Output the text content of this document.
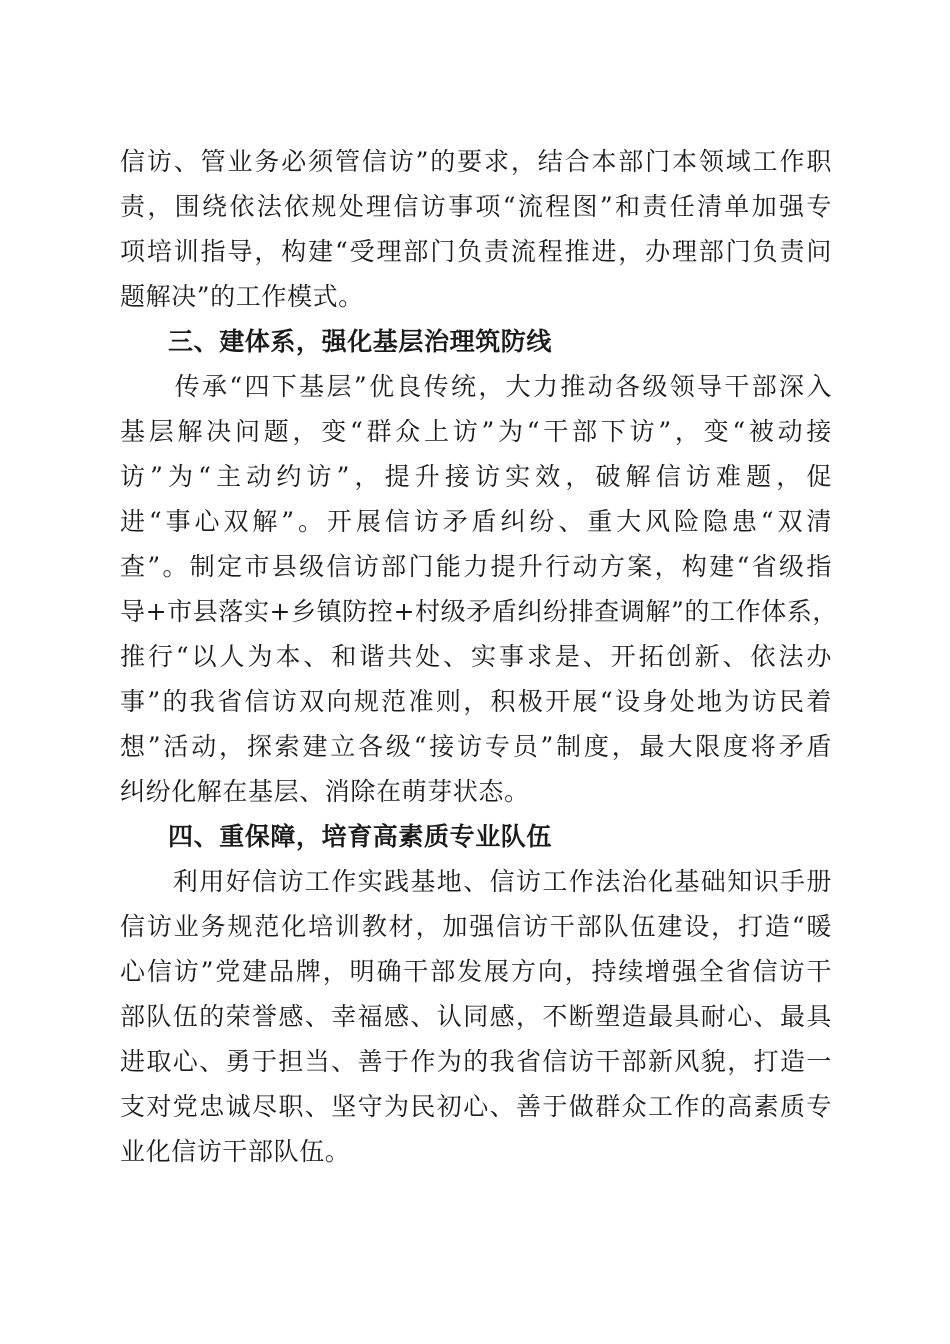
信访、管业务必须管信访”的要求，结合本部门本领域工作职
责，围绕依法依规处理信访事项“流程图”和责任清单加强专
项培训指导，构建“受理部门负责流程推进，办理部门负责问
题解决”的工作模式。
三、建体系，强化基层治理筑防线
　　传承“四下基层”优良传统，大力推动各级领导干部深入
基层解决问题，变“群众上访”为“干部下访”，变“被动接
访”为“主动约访”，提升接访实效，破解信访难题，促
进“事心双解”。开展信访矛盾纠纷、重大风险隐患“双清
查”。制定市县级信访部门能力提升行动方案，构建“省级指
导+市县落实+乡镇防控+村级矛盾纠纷排查调解”的工作体系，
推行“以人为本、和谐共处、实事求是、开拓创新、依法办
事”的我省信访双向规范准则，积极开展“设身处地为访民着
想”活动，探索建立各级“接访专员”制度，最大限度将矛盾
纠纷化解在基层、消除在萌芽状态。
四、重保障，培育高素质专业队伍
　　利用好信访工作实践基地、信访工作法治化基础知识手册
信访业务规范化培训教材，加强信访干部队伍建设，打造“暖
心信访”党建品牌，明确干部发展方向，持续增强全省信访干
部队伍的荣誉感、幸福感、认同感，不断塑造最具耐心、最具
进取心、勇于担当、善于作为的我省信访干部新风貌，打造一
支对党忠诚尽职、坚守为民初心、善于做群众工作的高素质专
业化信访干部队伍。
